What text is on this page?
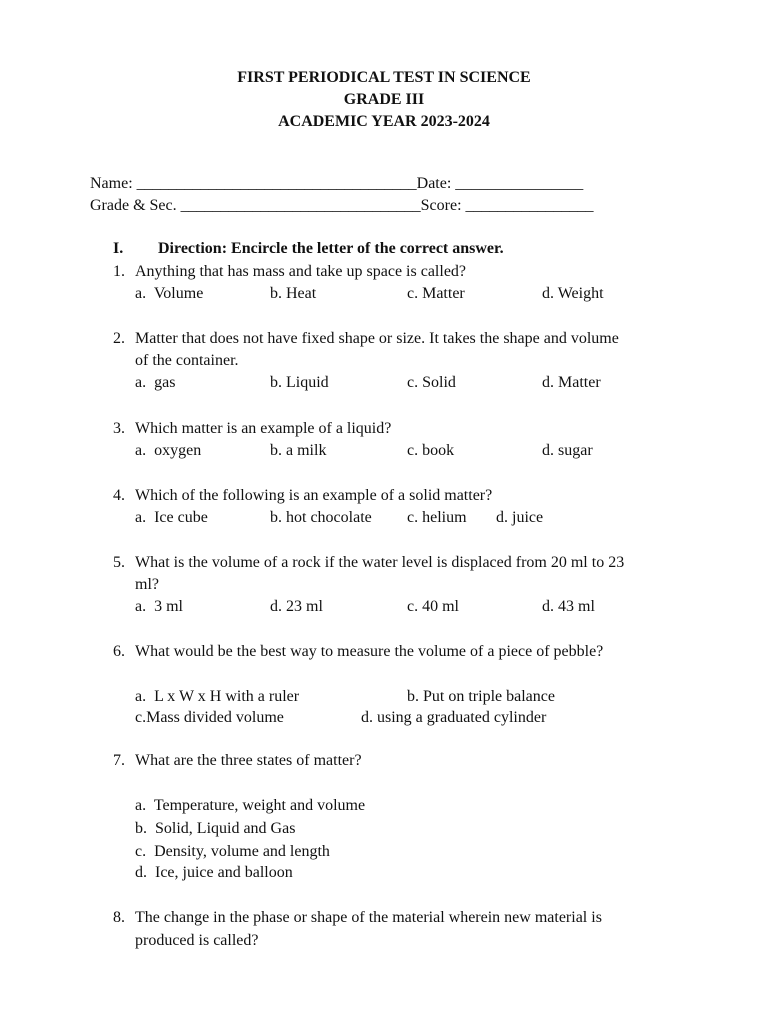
FIRST PERIODICAL TEST IN SCIENCE
GRADE III
ACADEMIC YEAR 2023-2024
Name: ___________________________________Date: ________________
Grade & Sec. ______________________________Score: ________________
I. Direction: Encircle the letter of the correct answer.
1. Anything that has mass and take up space is called?
a.  Volume	b. Heat	c. Matter	d. Weight
2. Matter that does not have fixed shape or size. It takes the shape and volume
of the container.
a.  gas	b. Liquid	c. Solid	d. Matter
3. Which matter is an example of a liquid?
a.  oxygen	b. a milk	c. book	d. sugar
4. Which of the following is an example of a solid matter?
a.  Ice cube	b. hot chocolate c. helium d. juice
5. What is the volume of a rock if the water level is displaced from 20 ml to 23
ml?
a.  3 ml	d. 23 ml	c. 40 ml	d. 43 ml
6. What would be the best way to measure the volume of a piece of pebble?
a.  L x W x H with a ruler	b. Put on triple balance
c.Mass divided volume	d. using a graduated cylinder
7. What are the three states of matter?
a.  Temperature, weight and volume
b.  Solid, Liquid and Gas
c.  Density, volume and length
d.  Ice, juice and balloon
8. The change in the phase or shape of the material wherein new material is
produced is called?
